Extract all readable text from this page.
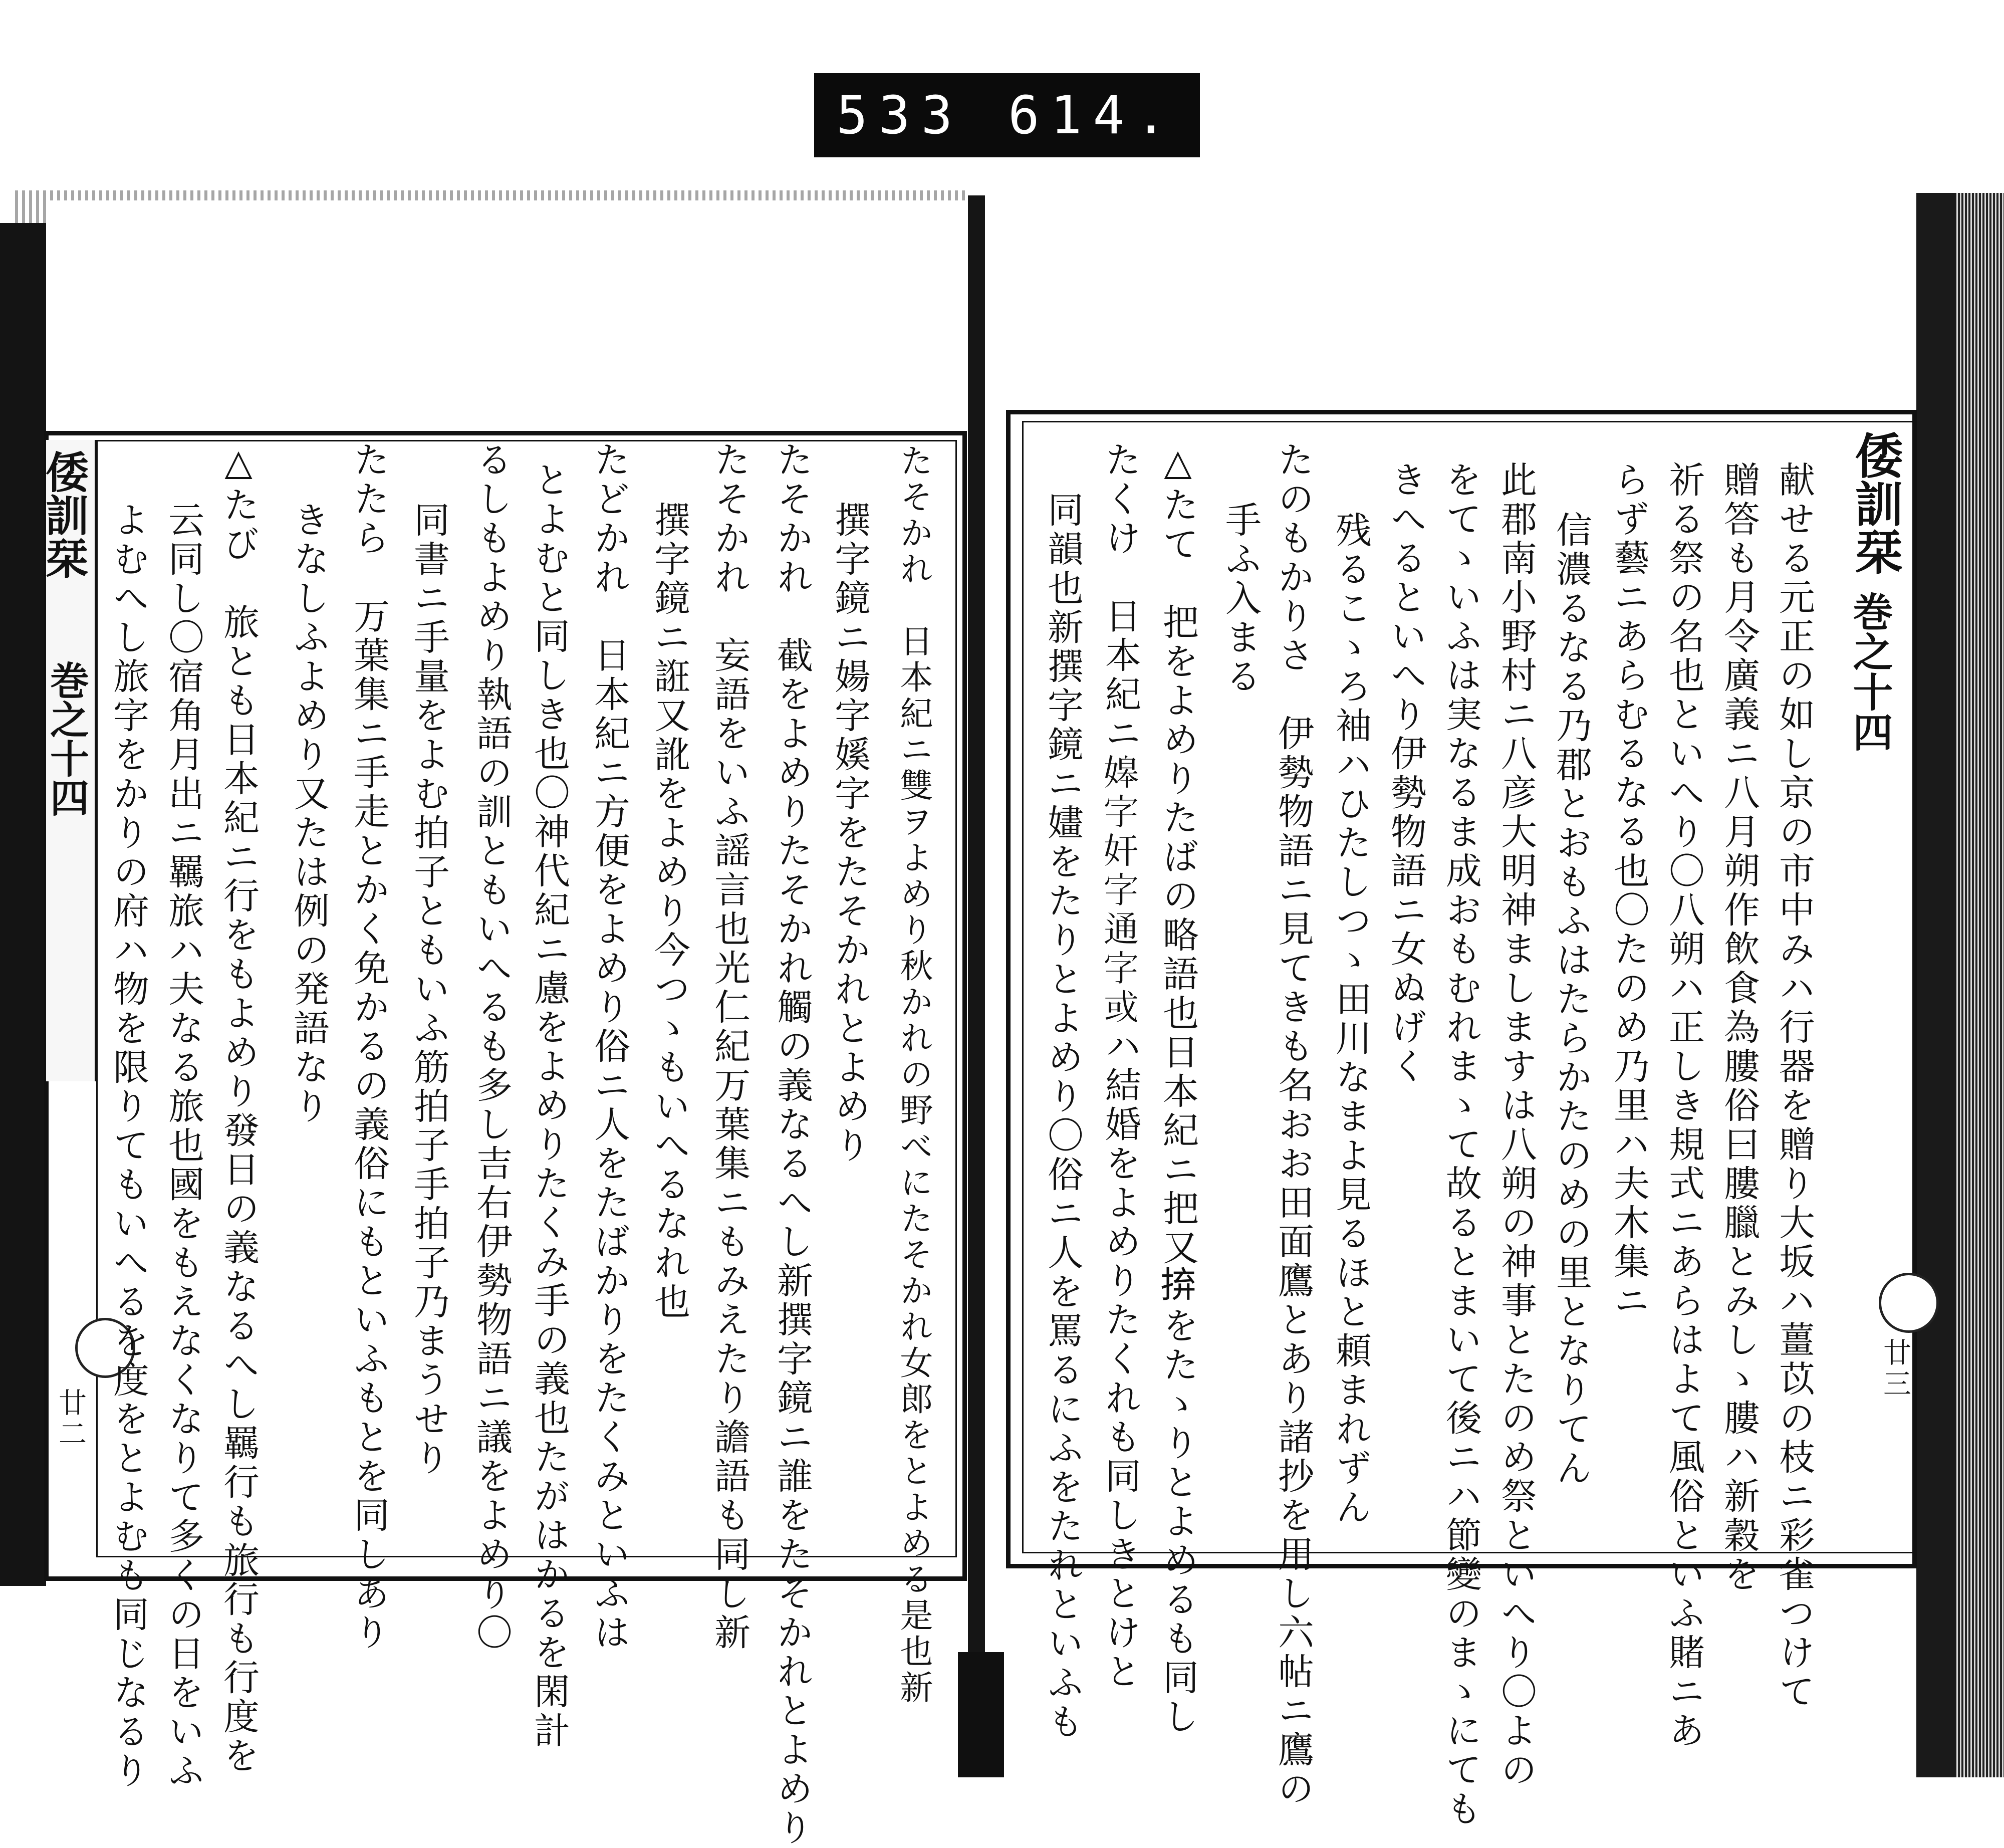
533 614.
倭訓栞
巻之十四
廿二
倭訓栞
巻之十四
廿三
たそかれ　日本紀ニ雙ヲよめり秋かれの野べにたそかれ女郎をとよめる是也新
撰字鏡ニ婸字㜎字をたそかれとよめり
たそかれ　截をよめりたそかれ觸の義なるへし新撰字鏡ニ誰をたそかれとよめり
たそかれ　妄語をいふ謡言也光仁紀万葉集ニもみえたり譫語も同し新
撰字鏡ニ誑又訛をよめり今つゝもいへるなれ也
たどかれ　日本紀ニ方便をよめり俗ニ人をたばかりをたくみといふは
とよむと同しき也〇神代紀ニ慮をよめりたくみ手の義也たがはかるを閑計
るしもよめり執語の訓ともいへるも多し吉右伊勢物語ニ議をよめり〇
同書ニ手量をよむ拍子ともいふ筋拍子手拍子乃まうせり
たたら　万葉集ニ手走とかく免かるの義俗にもといふもとを同しあり
きなしふよめり又たは例の発語なり
△たび　旅とも日本紀ニ行をもよめり發日の義なるへし羈行も旅行も行度を
云同し〇宿角月出ニ羈旅ハ夫なる旅也國をもえなくなりて多くの日をいふ
よむへし旅字をかりの府ハ物を限りてもいへるを度をとよむも同じなるり	献せる元正の如し京の市中みハ行器を贈り大坂ハ薑苡の枝ニ彩雀つけて
贈答も月令廣義ニ八月朔作飲食為膢俗曰膢臘とみしゝ膢ハ新穀を
祈る祭の名也といへり〇八朔ハ正しき規式ニあらはよて風俗といふ賭ニあ
らず藝ニあらむるなる也〇たのめ乃里ハ夫木集ニ
信濃るなる乃郡とおもふはたらかたのめの里となりてん
此郡南小野村ニ八彦大明神ましますは八朔の神事とたのめ祭といへり〇よの
をてゝいふは実なるま成おもむれまゝて故るとまいて後ニハ節變のまゝにても
きへるといへり伊勢物語ニ女ぬげく
残るこゝろ袖ハひたしつゝ田川なまよ見るほと頼まれずん
たのもかりさ　伊勢物語ニ見てきも名おお田面鷹とあり諸抄を用し六帖ニ鷹の
手ふ入まる
△たて　把をよめりたばの略語也日本紀ニ把又𢬵をたゝりとよめるも同し
たくけ　日本紀ニ𡟷字奸字通字或ハ結婚をよめりたくれも同しきとけと
同韻也新撰字鏡ニ嫿をたりとよめり〇俗ニ人を罵るにふをたれといふも
